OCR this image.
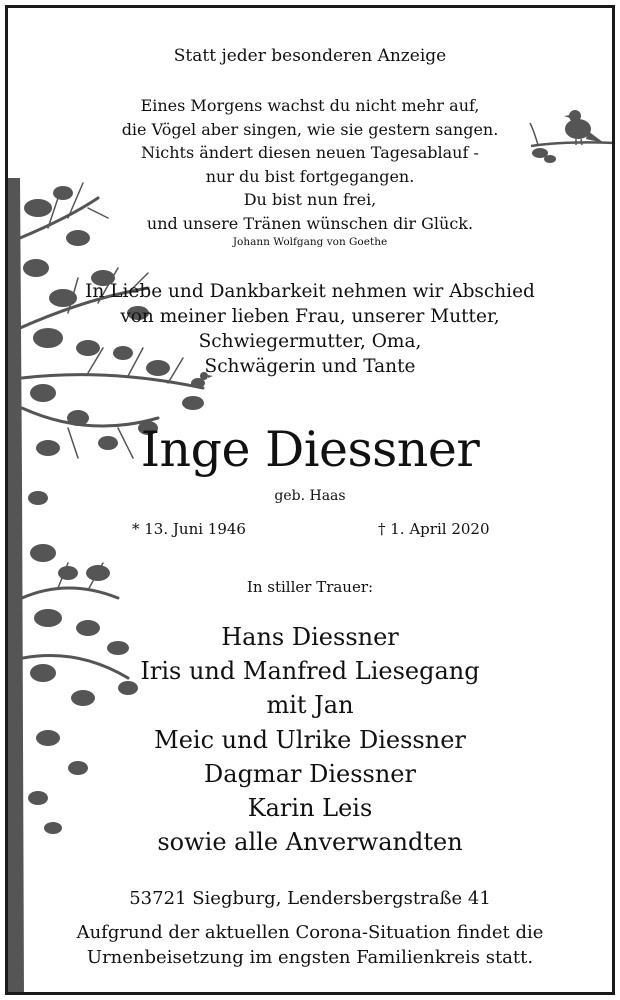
Statt jeder besonderen Anzeige
Eines Morgens wachst du nicht mehr auf,
die Vögel aber singen, wie sie gestern sangen.
Nichts ändert diesen neuen Tagesablauf -
nur du bist fortgegangen.
Du bist nun frei,
und unsere Tränen wünschen dir Glück.
Johann Wolfgang von Goethe
In Liebe und Dankbarkeit nehmen wir Abschied
von meiner lieben Frau, unserer Mutter,
Schwiegermutter, Oma,
Schwägerin und Tante
Inge Diessner
geb. Haas
* 13. Juni 1946	† 1. April 2020
In stiller Trauer:
Hans Diessner
Iris und Manfred Liesegang
mit Jan
Meic und Ulrike Diessner
Dagmar Diessner
Karin Leis
sowie alle Anverwandten
53721 Siegburg, Lendersbergstraße 41
Aufgrund der aktuellen Corona-Situation findet die
Urnenbeisetzung im engsten Familienkreis statt.
